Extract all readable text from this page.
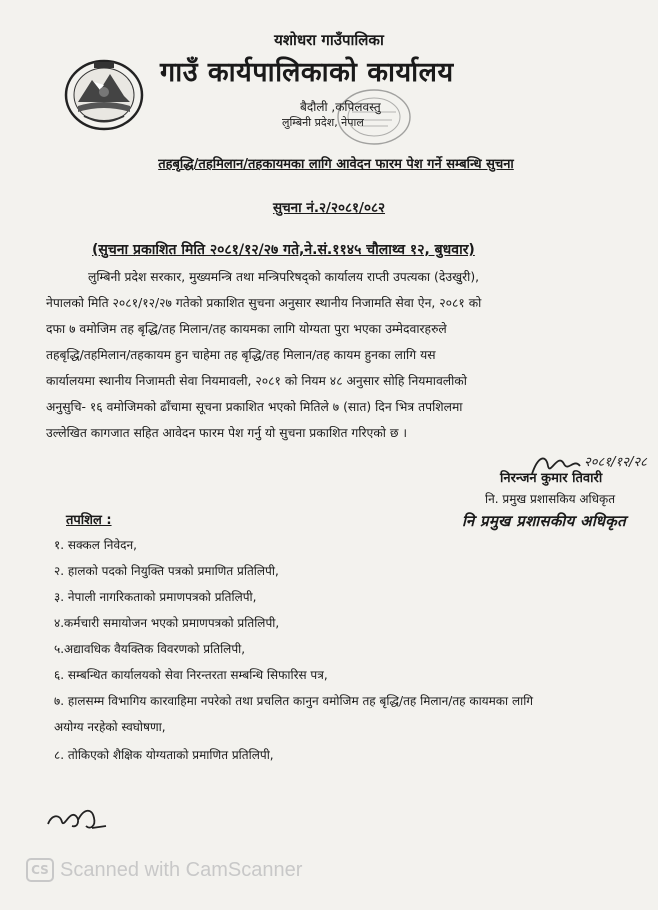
यशोधरा गाउँपालिका
गाउँ कार्यपालिकाको कार्यालय
बैदौली ,कपिलवस्तु
लुम्बिनी प्रदेश, नेपाल
तहबृद्धि/तहमिलान/तहकायमका लागि आवेदन फारम पेश गर्ने सम्बन्धि सुचना
सुचना नं.२/२०८१/०८२
(सुचना प्रकाशित मिति २०८१/१२/२७ गते,ने.सं.११४५ चौलाथ्व १२, बुधवार)
लुम्बिनी प्रदेश सरकार, मुख्यमन्त्रि तथा मन्त्रिपरिषद्को कार्यालय राप्ती उपत्यका (देउखुरी),
नेपालको मिति २०८१/१२/२७ गतेको प्रकाशित सुचना अनुसार स्थानीय निजामति सेवा ऐन, २०८१ को
दफा ७ वमोजिम तह बृद्धि/तह मिलान/तह कायमका लागि योग्यता पुरा भएका उम्मेदवारहरुले
तहबृद्धि/तहमिलान/तहकायम हुन चाहेमा तह बृद्धि/तह मिलान/तह कायम हुनका लागि यस
कार्यालयमा स्थानीय निजामती सेवा नियमावली, २०८१ को नियम ४८ अनुसार सोहि नियमावलीको
अनुसुचि- १६ वमोजिमको ढाँचामा सूचना प्रकाशित भएको मितिले ७ (सात) दिन भित्र तपशिलमा
उल्लेखित कागजात सहित आवेदन फारम पेश गर्नु यो सुचना प्रकाशित गरिएको छ ।
२०८१/१२/२८
निरन्जन कुमार तिवारी
नि. प्रमुख प्रशासकिय अधिकृत
नि प्रमुख प्रशासकीय अधिकृत
तपशिल :
१. सक्कल निवेदन,
२. हालको पदको नियुक्ति पत्रको प्रमाणित प्रतिलिपी,
३. नेपाली नागरिकताको प्रमाणपत्रको प्रतिलिपी,
४.कर्मचारी समायोजन भएको प्रमाणपत्रको प्रतिलिपी,
५.अद्यावधिक वैयक्तिक विवरणको प्रतिलिपी,
६. सम्बन्धित कार्यालयको सेवा निरन्तरता सम्बन्धि सिफारिस पत्र,
७. हालसम्म विभागिय कारवाहिमा नपरेको तथा प्रचलित कानुन वमोजिम तह बृद्धि/तह मिलान/तह कायमका लागि
अयोग्य नरहेको स्वघोषणा,
८. तोकिएको शैक्षिक योग्यताको प्रमाणित प्रतिलिपी,
CS Scanned with CamScanner
